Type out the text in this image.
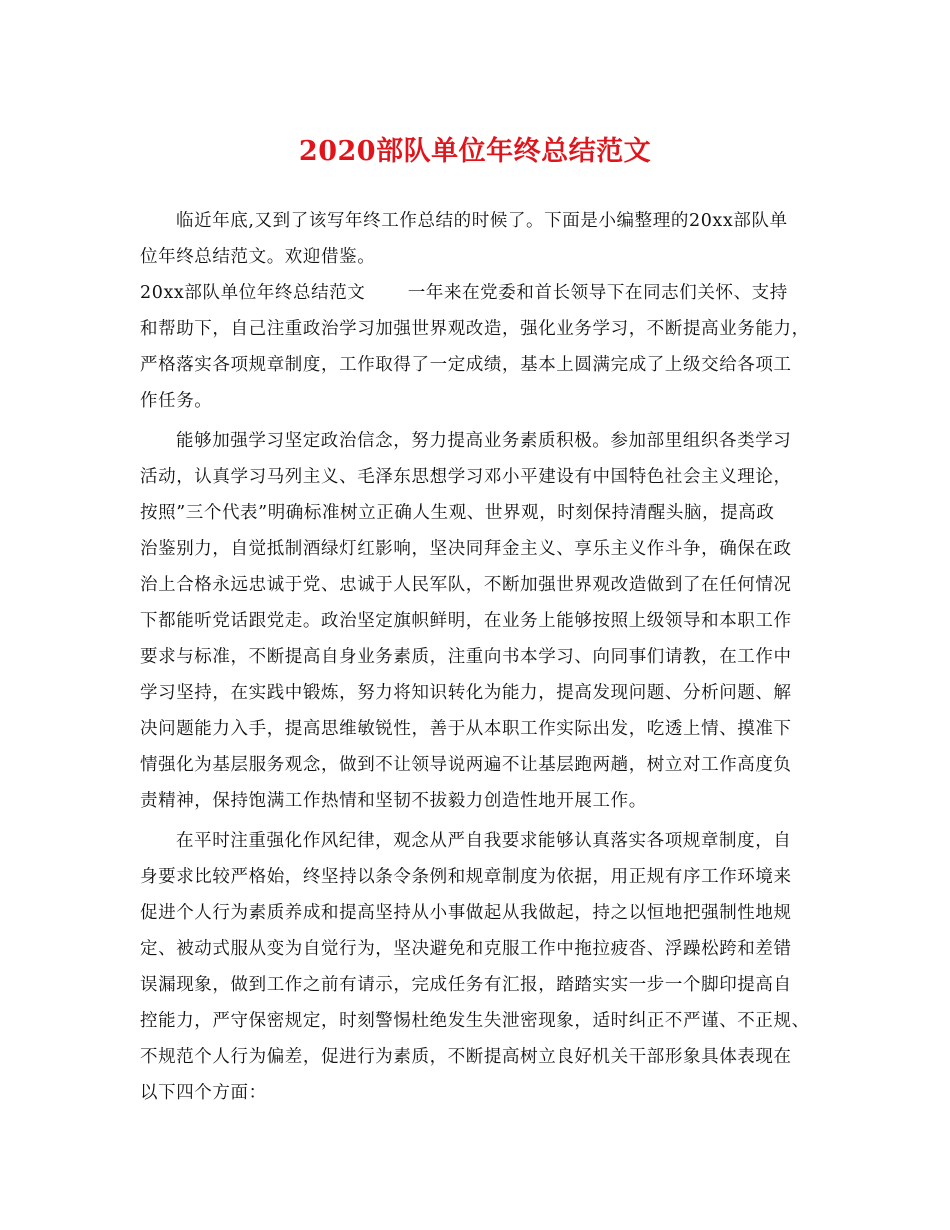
2020部队单位年终总结范文
临近年底,又到了该写年终工作总结的时候了。下面是小编整理的20xx部队单
位年终总结范文。欢迎借鉴。
20xx部队单位年终总结范文　　 一年来在党委和首长领导下在同志们关怀、支持
和帮助下，自己注重政治学习加强世界观改造，强化业务学习，不断提高业务能力，
严格落实各项规章制度，工作取得了一定成绩，基本上圆满完成了上级交给各项工
作任务。
能够加强学习坚定政治信念，努力提高业务素质积极。参加部里组织各类学习
活动，认真学习马列主义、毛泽东思想学习邓小平建设有中国特色社会主义理论，
按照”三个代表”明确标准树立正确人生观、世界观，时刻保持清醒头脑，提高政
治鉴别力，自觉抵制酒绿灯红影响，坚决同拜金主义、享乐主义作斗争，确保在政
治上合格永远忠诚于党、忠诚于人民军队，不断加强世界观改造做到了在任何情况
下都能听党话跟党走。政治坚定旗帜鲜明，在业务上能够按照上级领导和本职工作
要求与标准，不断提高自身业务素质，注重向书本学习、向同事们请教，在工作中
学习坚持，在实践中锻炼，努力将知识转化为能力，提高发现问题、分析问题、解
决问题能力入手，提高思维敏锐性，善于从本职工作实际出发，吃透上情、摸准下
情强化为基层服务观念，做到不让领导说两遍不让基层跑两趟，树立对工作高度负
责精神，保持饱满工作热情和坚韧不拔毅力创造性地开展工作。
在平时注重强化作风纪律，观念从严自我要求能够认真落实各项规章制度，自
身要求比较严格始，终坚持以条令条例和规章制度为依据，用正规有序工作环境来
促进个人行为素质养成和提高坚持从小事做起从我做起，持之以恒地把强制性地规
定、被动式服从变为自觉行为，坚决避免和克服工作中拖拉疲沓、浮躁松跨和差错
误漏现象，做到工作之前有请示，完成任务有汇报，踏踏实实一步一个脚印提高自
控能力，严守保密规定，时刻警惕杜绝发生失泄密现象，适时纠正不严谨、不正规、
不规范个人行为偏差，促进行为素质，不断提高树立良好机关干部形象具体表现在
以下四个方面：
